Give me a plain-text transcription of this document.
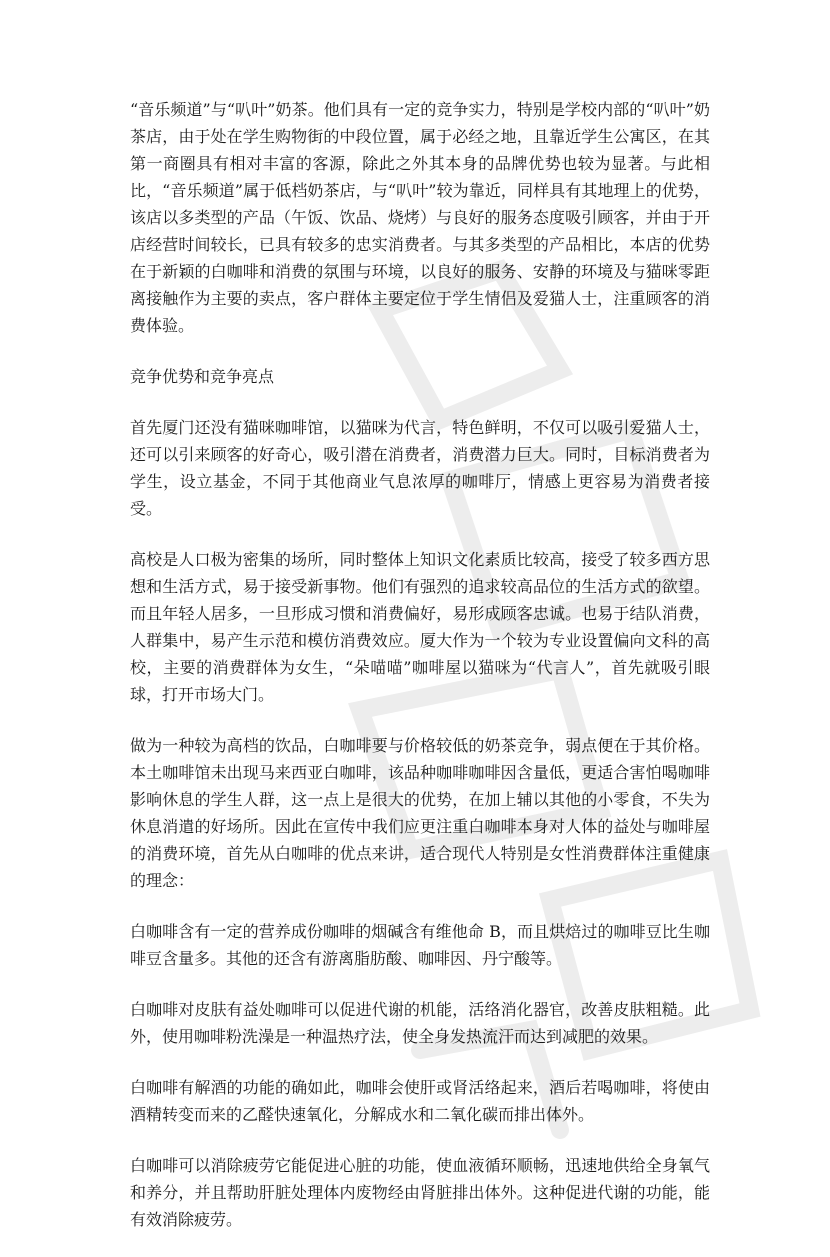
“音乐频道”与“叭叶”奶茶。他们具有一定的竞争实力，特别是学校内部的“叭叶”奶茶店，由于处在学生购物街的中段位置，属于必经之地，且靠近学生公寓区，在其第一商圈具有相对丰富的客源，除此之外其本身的品牌优势也较为显著。与此相比，“音乐频道”属于低档奶茶店，与“叭叶”较为靠近，同样具有其地理上的优势，该店以多类型的产品（午饭、饮品、烧烤）与良好的服务态度吸引顾客，并由于开店经营时间较长，已具有较多的忠实消费者。与其多类型的产品相比，本店的优势在于新颖的白咖啡和消费的氛围与环境，以良好的服务、安静的环境及与猫咪零距离接触作为主要的卖点，客户群体主要定位于学生情侣及爱猫人士，注重顾客的消费体验。

竞争优势和竞争亮点

首先厦门还没有猫咪咖啡馆，以猫咪为代言，特色鲜明，不仅可以吸引爱猫人士，还可以引来顾客的好奇心，吸引潜在消费者，消费潜力巨大。同时，目标消费者为学生，设立基金，不同于其他商业气息浓厚的咖啡厅，情感上更容易为消费者接受。

高校是人口极为密集的场所，同时整体上知识文化素质比较高，接受了较多西方思想和生活方式，易于接受新事物。他们有强烈的追求较高品位的生活方式的欲望。而且年轻人居多，一旦形成习惯和消费偏好，易形成顾客忠诚。也易于结队消费，人群集中，易产生示范和模仿消费效应。厦大作为一个较为专业设置偏向文科的高校，主要的消费群体为女生，“朵喵喵”咖啡屋以猫咪为“代言人”，首先就吸引眼球，打开市场大门。

做为一种较为高档的饮品，白咖啡要与价格较低的奶茶竞争，弱点便在于其价格。本土咖啡馆未出现马来西亚白咖啡，该品种咖啡咖啡因含量低，更适合害怕喝咖啡影响休息的学生人群，这一点上是很大的优势，在加上辅以其他的小零食，不失为休息消遣的好场所。因此在宣传中我们应更注重白咖啡本身对人体的益处与咖啡屋的消费环境，首先从白咖啡的优点来讲，适合现代人特别是女性消费群体注重健康的理念：

白咖啡含有一定的营养成份咖啡的烟碱含有维他命 B，而且烘焙过的咖啡豆比生咖啡豆含量多。其他的还含有游离脂肪酸、咖啡因、丹宁酸等。

白咖啡对皮肤有益处咖啡可以促进代谢的机能，活络消化器官，改善皮肤粗糙。此外，使用咖啡粉洗澡是一种温热疗法，使全身发热流汗而达到减肥的效果。

白咖啡有解酒的功能的确如此，咖啡会使肝或肾活络起来，酒后若喝咖啡，将使由酒精转变而来的乙醛快速氧化，分解成水和二氧化碳而排出体外。

白咖啡可以消除疲劳它能促进心脏的功能，使血液循环顺畅，迅速地供给全身氧气和养分，并且帮助肝脏处理体内废物经由肾脏排出体外。这种促进代谢的功能，能有效消除疲劳。
